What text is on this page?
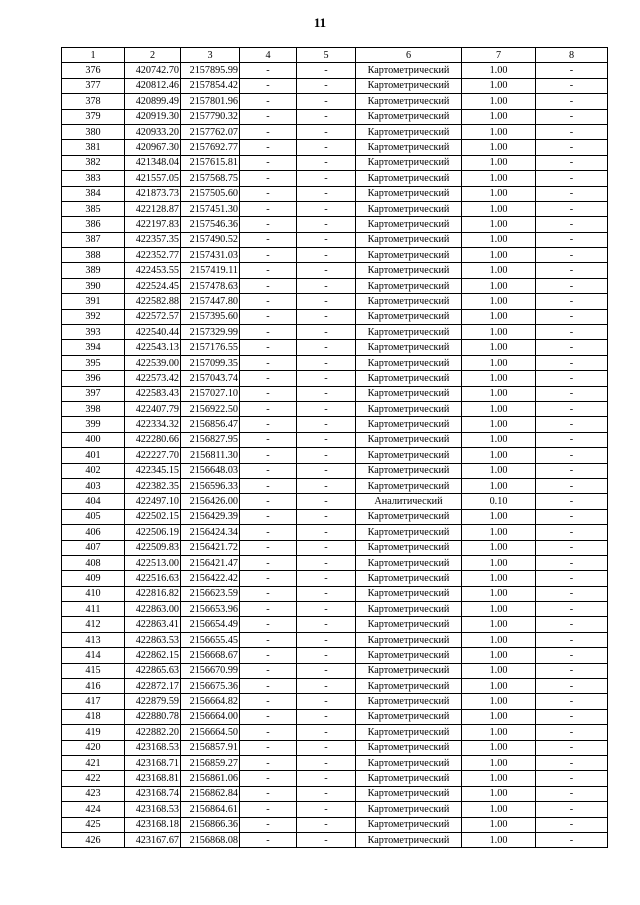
11
1	2	3	4	5	6	7	8
376	420742.70	2157895.99	-	-	Картометрический	1.00	-
377	420812.46	2157854.42	-	-	Картометрический	1.00	-
378	420899.49	2157801.96	-	-	Картометрический	1.00	-
379	420919.30	2157790.32	-	-	Картометрический	1.00	-
380	420933.20	2157762.07	-	-	Картометрический	1.00	-
381	420967.30	2157692.77	-	-	Картометрический	1.00	-
382	421348.04	2157615.81	-	-	Картометрический	1.00	-
383	421557.05	2157568.75	-	-	Картометрический	1.00	-
384	421873.73	2157505.60	-	-	Картометрический	1.00	-
385	422128.87	2157451.30	-	-	Картометрический	1.00	-
386	422197.83	2157546.36	-	-	Картометрический	1.00	-
387	422357.35	2157490.52	-	-	Картометрический	1.00	-
388	422352.77	2157431.03	-	-	Картометрический	1.00	-
389	422453.55	2157419.11	-	-	Картометрический	1.00	-
390	422524.45	2157478.63	-	-	Картометрический	1.00	-
391	422582.88	2157447.80	-	-	Картометрический	1.00	-
392	422572.57	2157395.60	-	-	Картометрический	1.00	-
393	422540.44	2157329.99	-	-	Картометрический	1.00	-
394	422543.13	2157176.55	-	-	Картометрический	1.00	-
395	422539.00	2157099.35	-	-	Картометрический	1.00	-
396	422573.42	2157043.74	-	-	Картометрический	1.00	-
397	422583.43	2157027.10	-	-	Картометрический	1.00	-
398	422407.79	2156922.50	-	-	Картометрический	1.00	-
399	422334.32	2156856.47	-	-	Картометрический	1.00	-
400	422280.66	2156827.95	-	-	Картометрический	1.00	-
401	422227.70	2156811.30	-	-	Картометрический	1.00	-
402	422345.15	2156648.03	-	-	Картометрический	1.00	-
403	422382.35	2156596.33	-	-	Картометрический	1.00	-
404	422497.10	2156426.00	-	-	Аналитический	0.10	-
405	422502.15	2156429.39	-	-	Картометрический	1.00	-
406	422506.19	2156424.34	-	-	Картометрический	1.00	-
407	422509.83	2156421.72	-	-	Картометрический	1.00	-
408	422513.00	2156421.47	-	-	Картометрический	1.00	-
409	422516.63	2156422.42	-	-	Картометрический	1.00	-
410	422816.82	2156623.59	-	-	Картометрический	1.00	-
411	422863.00	2156653.96	-	-	Картометрический	1.00	-
412	422863.41	2156654.49	-	-	Картометрический	1.00	-
413	422863.53	2156655.45	-	-	Картометрический	1.00	-
414	422862.15	2156668.67	-	-	Картометрический	1.00	-
415	422865.63	2156670.99	-	-	Картометрический	1.00	-
416	422872.17	2156675.36	-	-	Картометрический	1.00	-
417	422879.59	2156664.82	-	-	Картометрический	1.00	-
418	422880.78	2156664.00	-	-	Картометрический	1.00	-
419	422882.20	2156664.50	-	-	Картометрический	1.00	-
420	423168.53	2156857.91	-	-	Картометрический	1.00	-
421	423168.71	2156859.27	-	-	Картометрический	1.00	-
422	423168.81	2156861.06	-	-	Картометрический	1.00	-
423	423168.74	2156862.84	-	-	Картометрический	1.00	-
424	423168.53	2156864.61	-	-	Картометрический	1.00	-
425	423168.18	2156866.36	-	-	Картометрический	1.00	-
426	423167.67	2156868.08	-	-	Картометрический	1.00	-
